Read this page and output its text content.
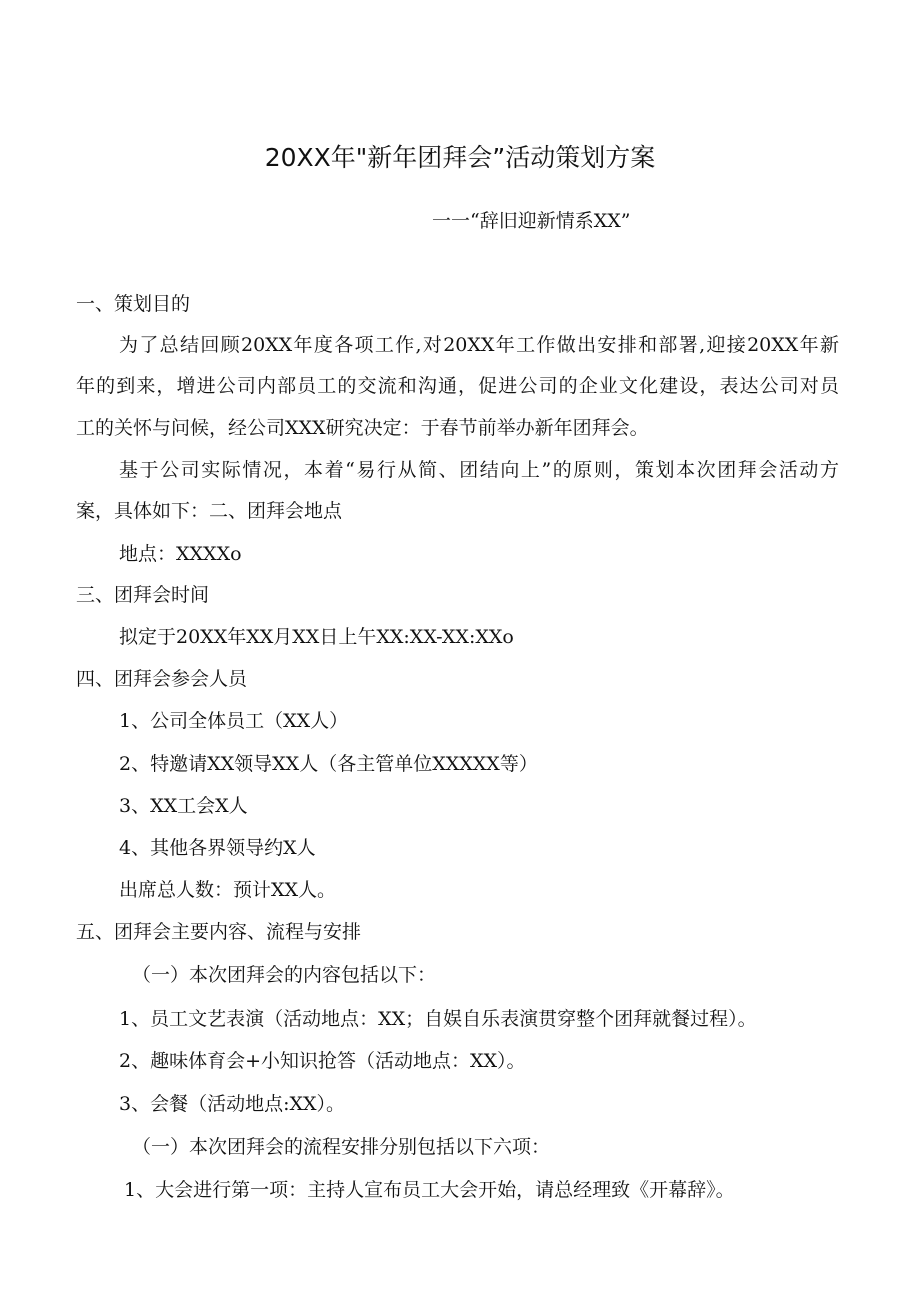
20XX年"新年团拜会”活动策划方案
一一“辞旧迎新情系XX”
一、策划目的
为了总结回顾20XX年度各项工作,对20XX年工作做出安排和部署,迎接20XX年新
年的到来，增进公司内部员工的交流和沟通，促进公司的企业文化建设，表达公司对员
工的关怀与问候，经公司XXX研究决定：于春节前举办新年团拜会。
基于公司实际情况，本着“易行从简、团结向上”的原则，策划本次团拜会活动方
案，具体如下：二、团拜会地点
地点：XXXXo
三、团拜会时间
拟定于20XX年XX月XX日上午XX:XX-XX:XXo
四、团拜会参会人员
1、公司全体员工（XX人）
2、特邀请XX领导XX人（各主管单位XXXXX等）
3、XX工会X人
4、其他各界领导约X人
出席总人数：预计XX人。
五、团拜会主要内容、流程与安排
（一）本次团拜会的内容包括以下：
1、员工文艺表演（活动地点：XX；自娱自乐表演贯穿整个团拜就餐过程）。
2、趣味体育会+小知识抢答（活动地点：XX）。
3、会餐（活动地点:XX）。
（一）本次团拜会的流程安排分别包括以下六项：
1、大会进行第一项：主持人宣布员工大会开始，请总经理致《开幕辞》。
